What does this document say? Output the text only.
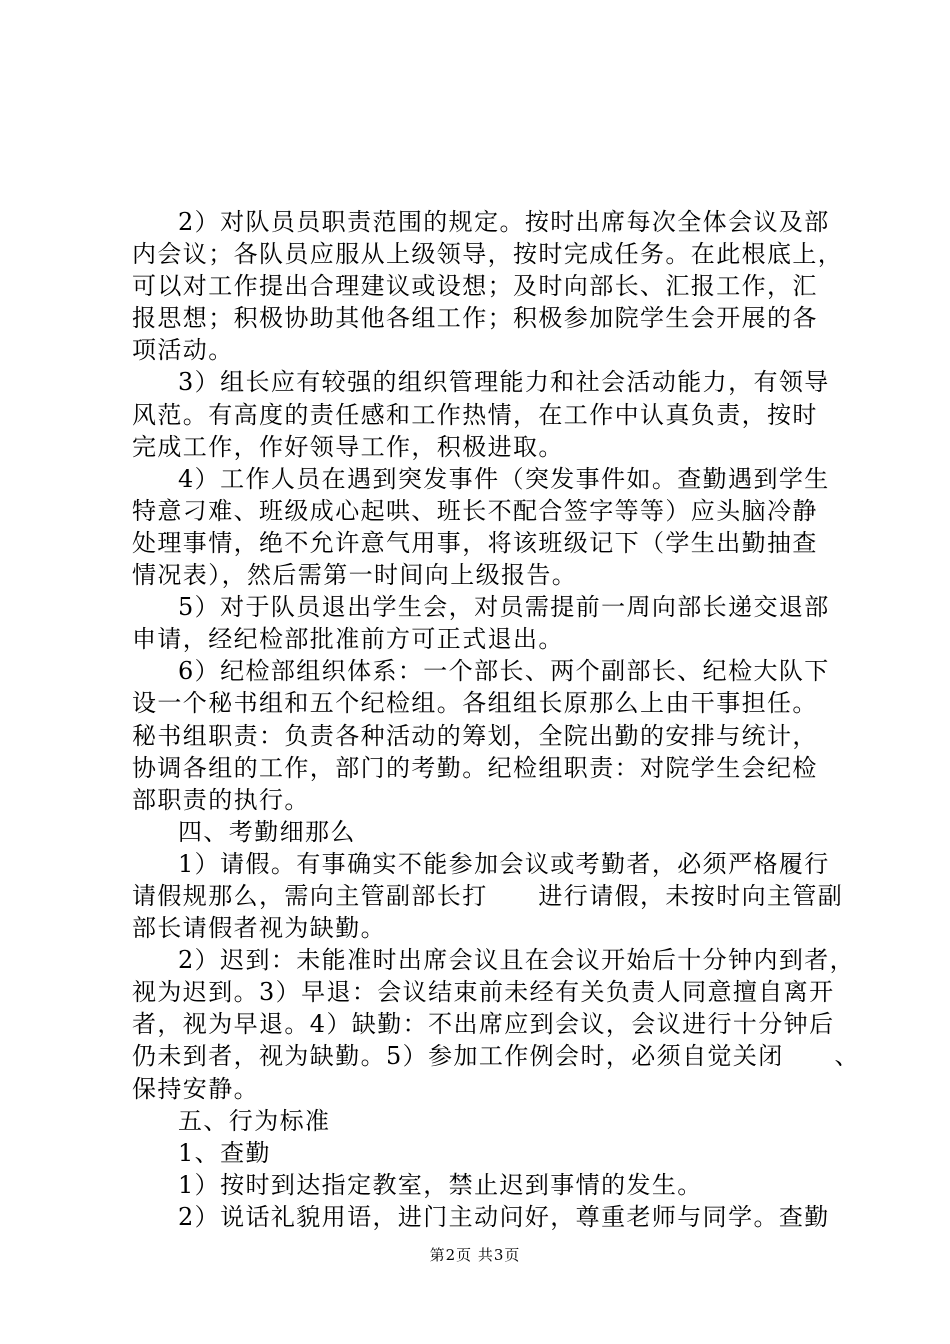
2）对队员员职责范围的规定。按时出席每次全体会议及部
内会议；各队员应服从上级领导，按时完成任务。在此根底上，
可以对工作提出合理建议或设想；及时向部长、汇报工作，汇
报思想；积极协助其他各组工作；积极参加院学生会开展的各
项活动。
3）组长应有较强的组织管理能力和社会活动能力，有领导
风范。有高度的责任感和工作热情，在工作中认真负责，按时
完成工作，作好领导工作，积极进取。
4）工作人员在遇到突发事件（突发事件如。查勤遇到学生
特意刁难、班级成心起哄、班长不配合签字等等）应头脑冷静
处理事情，绝不允许意气用事，将该班级记下（学生出勤抽查
情况表），然后需第一时间向上级报告。
5）对于队员退出学生会，对员需提前一周向部长递交退部
申请，经纪检部批准前方可正式退出。
6）纪检部组织体系：一个部长、两个副部长、纪检大队下
设一个秘书组和五个纪检组。各组组长原那么上由干事担任。
秘书组职责：负责各种活动的筹划，全院出勤的安排与统计，
协调各组的工作，部门的考勤。纪检组职责：对院学生会纪检
部职责的执行。
四、考勤细那么
1）请假。有事确实不能参加会议或考勤者，必须严格履行
请假规那么，需向主管副部长打　　进行请假，未按时向主管副
部长请假者视为缺勤。
2）迟到：未能准时出席会议且在会议开始后十分钟内到者，
视为迟到。3）早退：会议结束前未经有关负责人同意擅自离开
者，视为早退。4）缺勤：不出席应到会议，会议进行十分钟后
仍未到者，视为缺勤。5）参加工作例会时，必须自觉关闭　　、
保持安静。
五、行为标准
1、查勤
1）按时到达指定教室，禁止迟到事情的发生。
2）说话礼貌用语，进门主动问好，尊重老师与同学。查勤
第2页 共3页
